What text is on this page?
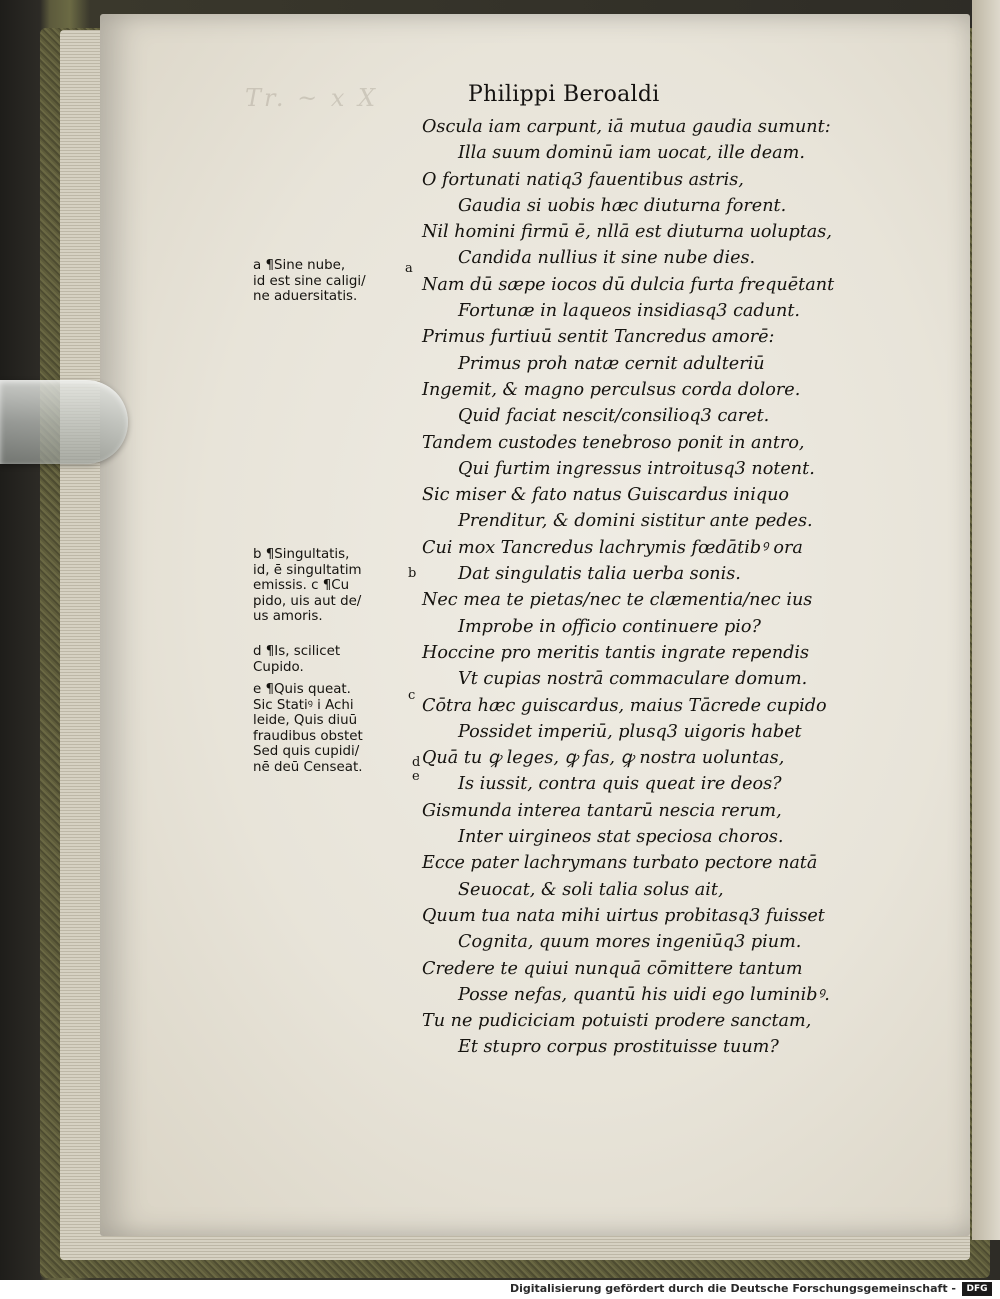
Tr. ~ x X	Philippi Beroaldi
Oscula iam carpunt, iā mutua gaudia sumunt:
Illa suum dominū iam uocat, ille deam.
O fortunati natiq3 fauentibus astris,
Gaudia si uobis hæc diuturna forent.
Nil homini firmū ē, nllā est diuturna uoluptas,
Candida nullius it sine nube dies.
Nam dū sæpe iocos dū dulcia furta frequētant
Fortunæ in laqueos insidiasq3 cadunt.
Primus furtiuū sentit Tancredus amorē:
Primus proh natæ cernit adulteriū
Ingemit, & magno perculsus corda dolore.
Quid faciat nescit/consilioq3 caret.
Tandem custodes tenebroso ponit in antro,
Qui furtim ingressus introitusq3 notent.
Sic miser & fato natus Guiscardus iniquo
Prenditur, & domini sistitur ante pedes.
Cui mox Tancredus lachrymis fœdātibꝰ ora
Dat singulatis talia uerba sonis.
Nec mea te pietas/nec te clæmentia/nec ius
Improbe in officio continuere pio?
Hoccine pro meritis tantis ingrate rependis
Vt cupias nostrā commaculare domum.
Cōtra hæc guiscardus, maius Tācrede cupido
Possidet imperiū, plusq3 uigoris habet
Quā tu ꝙ leges, ꝙ fas, ꝙ nostra uoluntas,
Is iussit, contra quis queat ire deos?
Gismunda interea tantarū nescia rerum,
Inter uirgineos stat speciosa choros.
Ecce pater lachrymans turbato pectore natā
Seuocat, & soli talia solus ait,
Quum tua nata mihi uirtus probitasq3 fuisset
Cognita, quum mores ingeniūq3 pium.
Credere te quiui nunquā cōmittere tantum
Posse nefas, quantū his uidi ego luminibꝰ.
Tu ne pudiciciam potuisti prodere sanctam,
Et stupro corpus prostituisse tuum?
a
b
c
d
e
a ¶Sine nube,
id est sine caligi/
ne aduersitatis.
b ¶Singultatis,
id, ē singultatim
emissis. c ¶Cu
pido, uis aut de/
us amoris.
d ¶Is, scilicet
Cupido.
e ¶Quis queat.
Sic Statiꝰ i Achi
leide, Quis diuū
fraudibus obstet
Sed quis cupidi/
nē deū Censeat.
Digitalisierung gefördert durch die Deutsche Forschungsgemeinschaft -	DFG
